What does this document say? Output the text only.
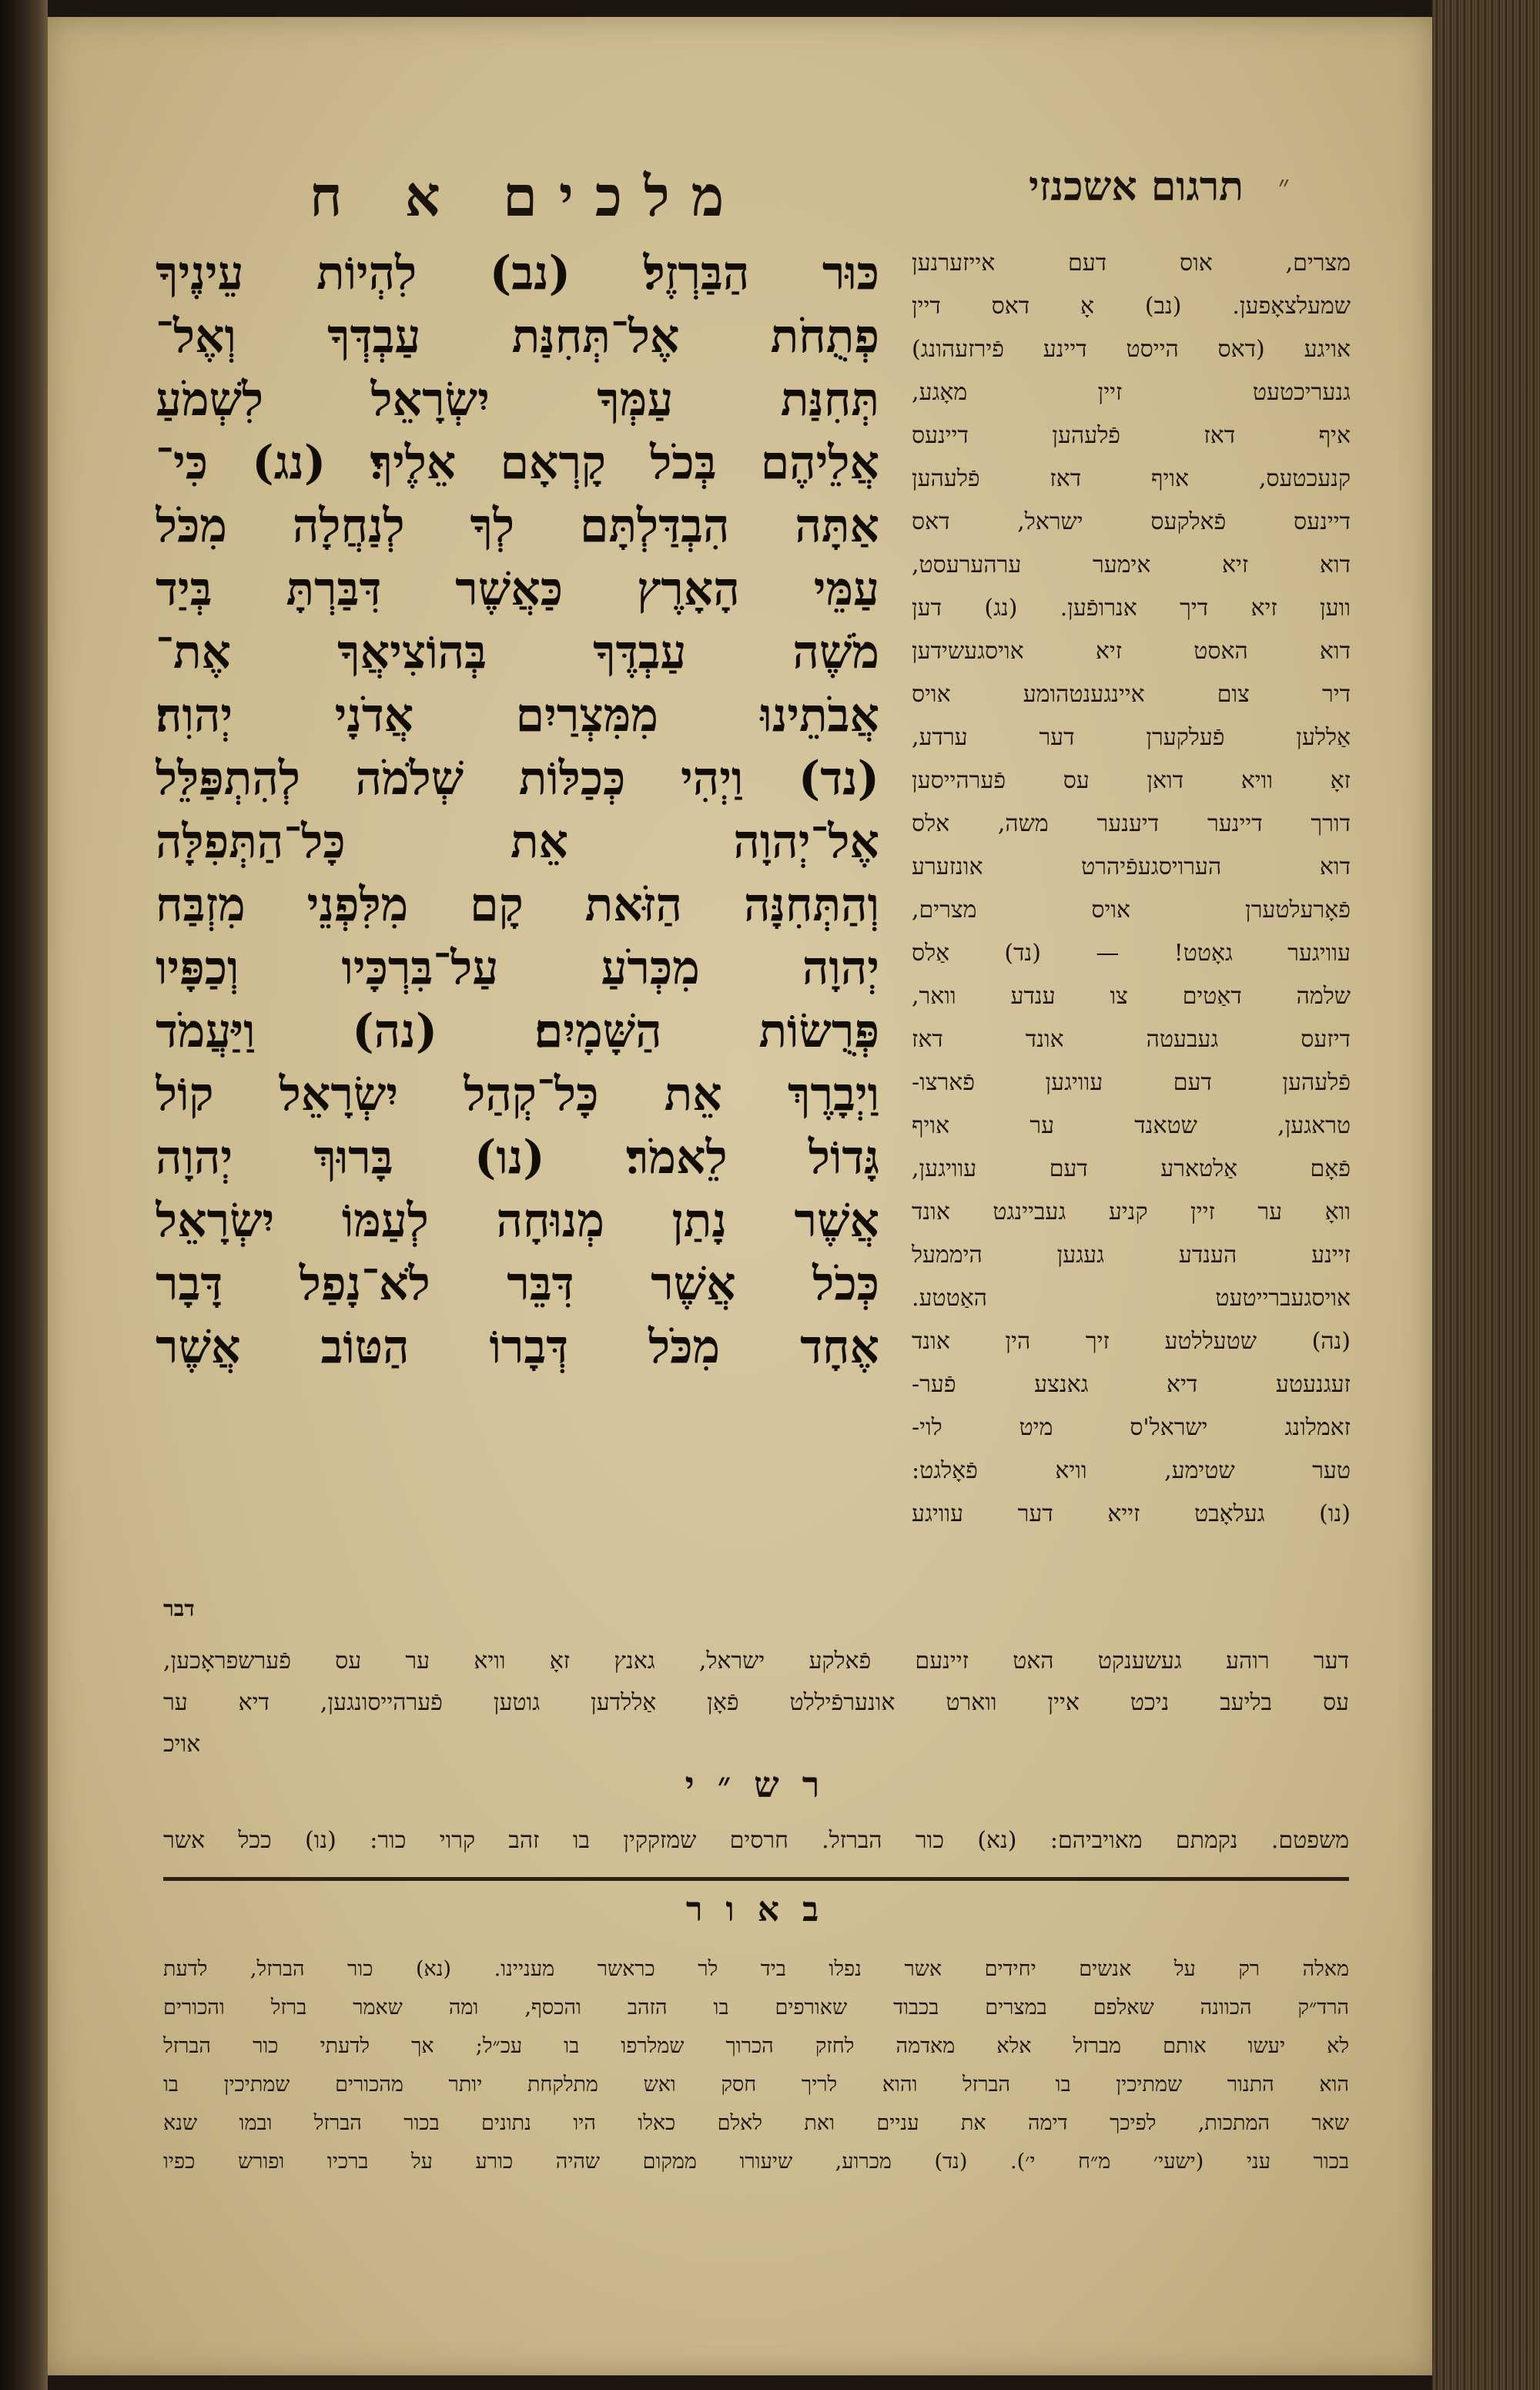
מלכים א ח	תרגום אשכנזי ״
כּוּר הַבַּרְזֶל׃ (נב) לִהְיוֹת עֵינֶיךָ
פְתֻחֹת אֶל־תְּחִנַּת עַבְדְּךָ וְאֶל־
תְּחִנַּת עַמְּךָ יִשְׂרָאֵל לִשְׁמֹעַ
אֲלֵיהֶם בְּכֹל קָרְאָם אֵלֶיךָ׃ (נג) כִּי־
אַתָּה הִבְדַּלְתָּם לְךָ לְנַחֲלָה מִכֹּל
עַמֵּי הָאָרֶץ כַּאֲשֶׁר דִּבַּרְתָּ בְּיַד
מֹשֶׁה עַבְדֶּךָ בְּהוֹצִיאֲךָ אֶת־
אֲבֹתֵינוּ מִמִּצְרַיִם אֲדֹנָי יְהוִה׃
(נד) וַיְהִי כְּכַלּוֹת שְׁלֹמֹה לְהִתְפַּלֵּל
אֶל־יְהוָה אֵת כָּל־הַתְּפִלָּה
וְהַתְּחִנָּה הַזֹּאת קָם מִלִּפְנֵי מִזְבַּח
יְהוָה מִכְּרֹעַ עַל־בִּרְכָּיו וְכַפָּיו
פְּרֻשׂוֹת הַשָּׁמָיִם׃ (נה) וַיַּעֲמֹד
וַיְבָרֶךְ אֵת כָּל־קְהַל יִשְׂרָאֵל קוֹל
גָּדוֹל לֵאמֹר׃ (נו) בָּרוּךְ יְהוָה
אֲשֶׁר נָתַן מְנוּחָה לְעַמּוֹ יִשְׂרָאֵל
כְּכֹל אֲשֶׁר דִּבֵּר לֹא־נָפַל דָּבָר
אֶחָד מִכֹּל דְּבָרוֹ הַטּוֹב אֲשֶׁר
מצרים, אוס דעם אייזערנען
שמעלצאָפען. (נב) אָ דאס דיין
אויגע (דאס הייסט דיינע פֿירזעהונג)
גנעריכטעט זיין מאָגע,
איף דאז פֿלעהען דיינעס
קנעכטעס, אויף דאז פֿלעהען
דיינעס פֿאלקעס ישראל, דאס
דוא זיא אימער ערהערעסט,
ווען זיא דיך אנרופֿען. (נג) דען
דוא האסט זיא אויסגעשידען
דיר צום איינגענטהומע אויס
אַללען פֿעלקערן דער ערדע,
זאָ וויא דואן עס פֿערהייסען
דורך דיינער דיענער משה, אלס
דוא הערויסגעפֿיהרט אונזערע
פֿאָרעלטערן אויס מצרים,
עוויגער גאָטט! — (נד) אַלס
שלמה דאַטים צו ענדע וואר,
דיזעס געבעטה אונד דאז
פֿלעהען דעם עוויגען פֿארצו-
טראגען, שטאנד ער אויף
פֿאָם אַלטארע דעם עוויגען,
וואָ ער זיין קניע געביינגט אונד
זיינע הענדע געגען היממעל
אויסגעברייטעט האַטטע.
(נה) שטעללטע זיך הין אונד
זעגנעטע דיא גאנצע פֿער-
זאמלונג ישראל'ס מיט לוי-
טער שטימע, וויא פֿאָלגט:
(נו) געלאָבט זייא דער עוויגע
דבר
דער רוהע געשענקט האט זיינעם פֿאלקע ישראל, גאנץ זאָ וויא ער עס פֿערשפראָכען,
עס בליעב ניכט איין ווארט אונערפֿיללט פֿאָן אַללדען גוטען פֿערהייסונגען, דיא ער
אויכ
רש״י
משפטם. נקמתם מאויביהם: (נא) כור הברזל. חרסים שמזקקין בו זהב קרוי כור: (נו) ככל אשר
באור
מאלה רק על אנשים יחידים אשר נפלו ביד לר כראשר מעניינו. (נא) כור הברזל, לדעת
הרד״ק הכוונה שאלפם במצרים בכבוד שאורפים בו הזהב והכסף, ומה שאמר ברזל והכורים
לא יעשו אותם מברזל אלא מאדמה לחזק הכרוך שמלרפו בו עכ״ל; אך לדעתי כור הברזל
הוא התנור שמתיכין בו הברזל והוא לריך חסק ואש מתלקחת יותר מהכורים שמתיכין בו
שאר המתכות, לפיכך דימה את עניים ואת לאלם כאלו היו נתונים בכור הברזל ובמו שנא
בכור עני (ישעי׳ מ״ח י׳). (נד) מכרוע, שיעורו ממקום שהיה כורע על ברכיו ופורש כפיו
